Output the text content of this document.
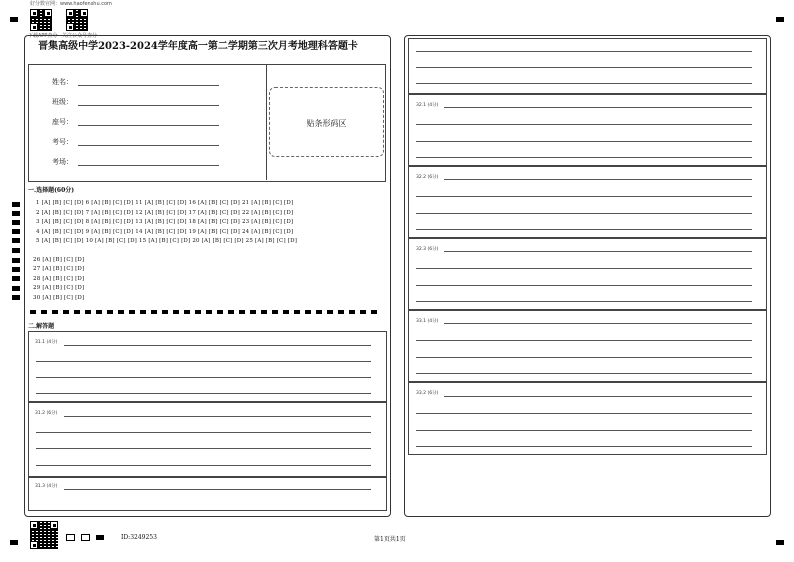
好分数官网：www.haofenshu.com
下载APP查分 关注公众号查分
晋集高级中学2023-2024学年度高一第二学期第三次月考地理科答题卡
姓名：
班级：
座号：
考号：
考场：
贴条形码区
一.选择题(60分)
1 [A] [B] [C] [D] 6 [A] [B] [C] [D] 11 [A] [B] [C] [D] 16 [A] [B] [C] [D] 21 [A] [B] [C] [D]
2 [A] [B] [C] [D] 7 [A] [B] [C] [D] 12 [A] [B] [C] [D] 17 [A] [B] [C] [D] 22 [A] [B] [C] [D]
3 [A] [B] [C] [D] 8 [A] [B] [C] [D] 13 [A] [B] [C] [D] 18 [A] [B] [C] [D] 23 [A] [B] [C] [D]
4 [A] [B] [C] [D] 9 [A] [B] [C] [D] 14 [A] [B] [C] [D] 19 [A] [B] [C] [D] 24 [A] [B] [C] [D]
5 [A] [B] [C] [D] 10 [A] [B] [C] [D] 15 [A] [B] [C] [D] 20 [A] [B] [C] [D] 25 [A] [B] [C] [D]
26 [A] [B] [C] [D]
27 [A] [B] [C] [D]
28 [A] [B] [C] [D]
29 [A] [B] [C] [D]
30 [A] [B] [C] [D]
二.解答题
31.1 (4分)
31.2 (6分)
31.3 (4分)
32.1 (4分)
32.2 (6分)
32.3 (6分)
33.1 (4分)
33.2 (6分)
ID:3249253	第1页共1页
